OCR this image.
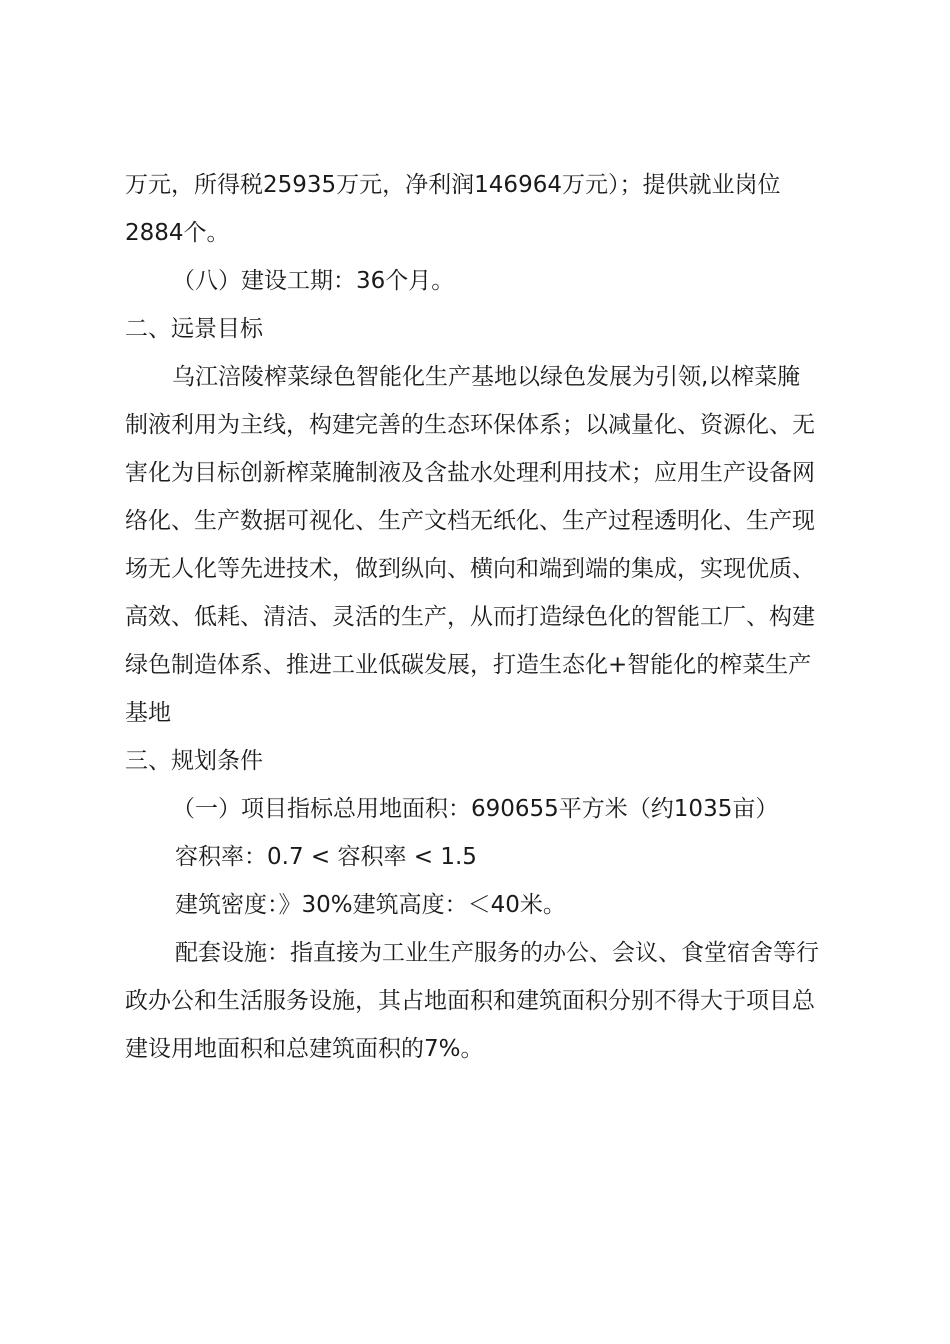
万元，所得税25935万元，净利润146964万元）；提供就业岗位
2884个。
（八）建设工期：36个月。
二、远景目标
乌江涪陵榨菜绿色智能化生产基地以绿色发展为引领,以榨菜腌
制液利用为主线，构建完善的生态环保体系；以减量化、资源化、无
害化为目标创新榨菜腌制液及含盐水处理利用技术；应用生产设备网
络化、生产数据可视化、生产文档无纸化、生产过程透明化、生产现
场无人化等先进技术，做到纵向、横向和端到端的集成，实现优质、
高效、低耗、清洁、灵活的生产，从而打造绿色化的智能工厂、构建
绿色制造体系、推进工业低碳发展，打造生态化+智能化的榨菜生产
基地
三、规划条件
（一）项目指标总用地面积：690655平方米（约1035亩）
容积率：0.7 < 容积率 < 1.5
建筑密度：》30%建筑高度：＜40米。
配套设施：指直接为工业生产服务的办公、会议、食堂宿舍等行
政办公和生活服务设施，其占地面积和建筑面积分别不得大于项目总
建设用地面积和总建筑面积的7%。
